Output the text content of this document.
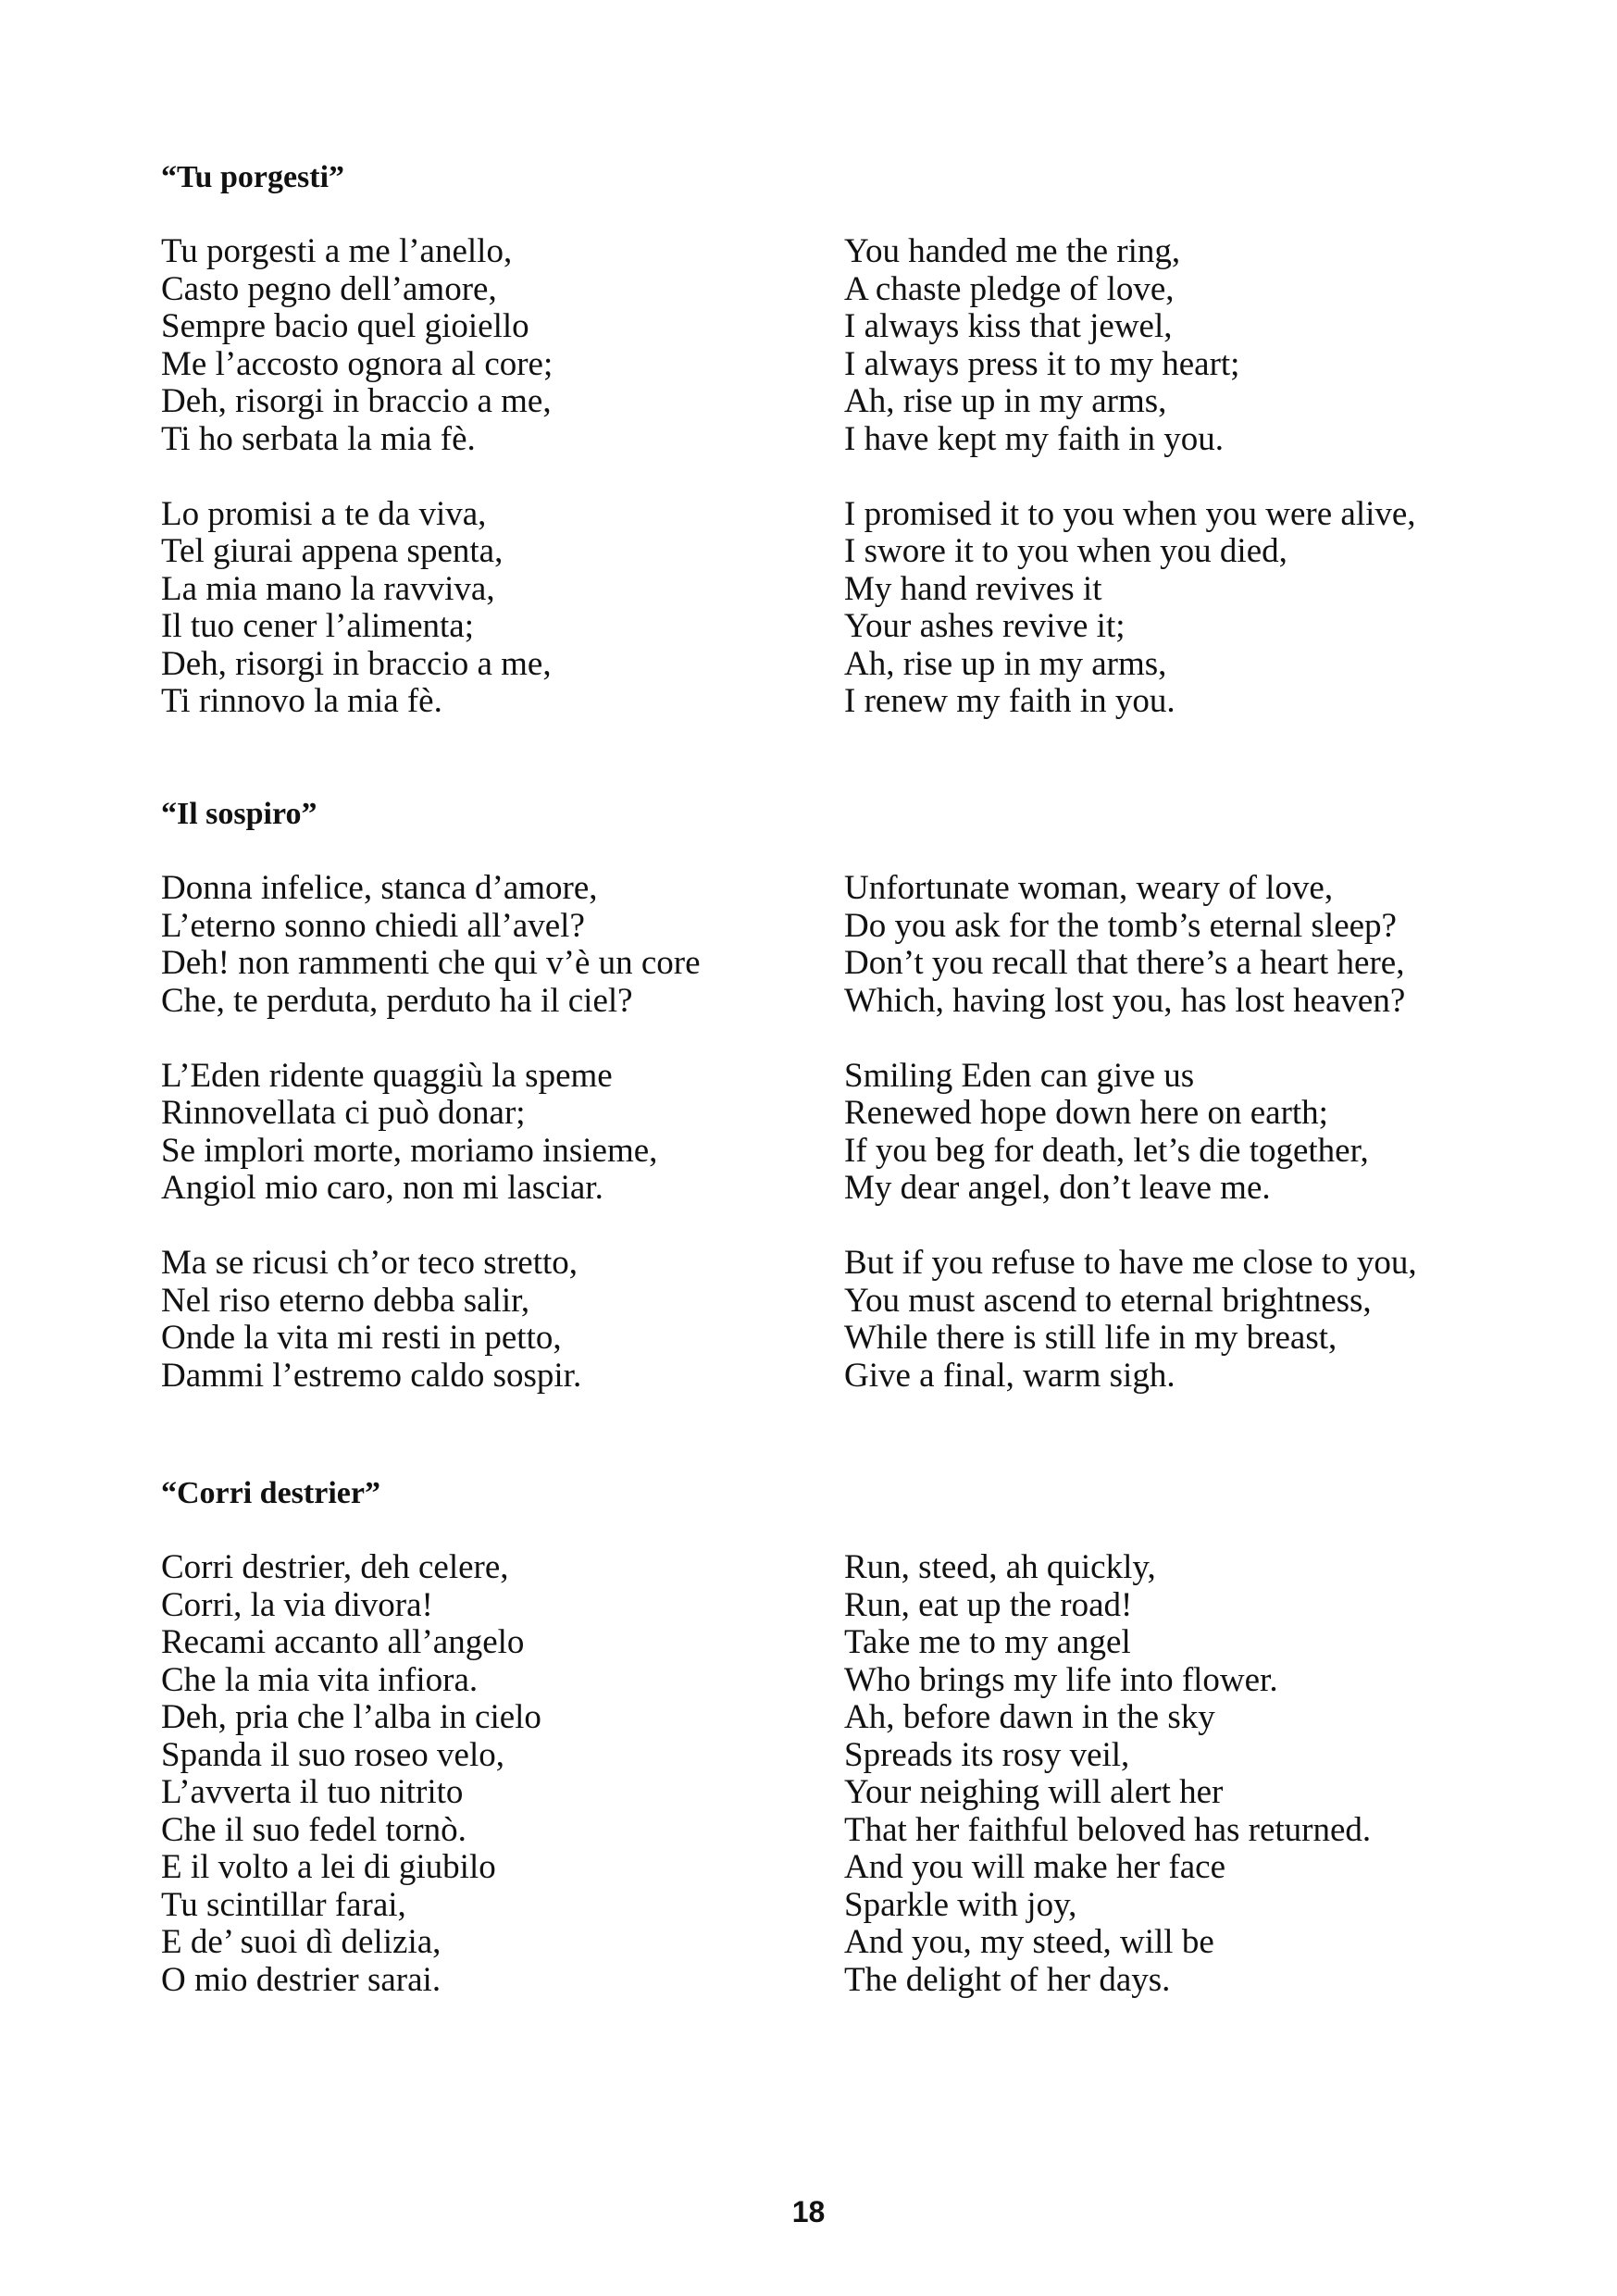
“Tu porgesti”
Tu porgesti a me l’anello,
Casto pegno dell’amore,
Sempre bacio quel gioiello
Me l’accosto ognora al core;
Deh, risorgi in braccio a me,
Ti ho serbata la mia fè.
Lo promisi a te da viva,
Tel giurai appena spenta,
La mia mano la ravviva,
Il tuo cener l’alimenta;
Deh, risorgi in braccio a me,
Ti rinnovo la mia fè.
You handed me the ring,
A chaste pledge of love,
I always kiss that jewel,
I always press it to my heart;
Ah, rise up in my arms,
I have kept my faith in you.
I promised it to you when you were alive,
I swore it to you when you died,
My hand revives it
Your ashes revive it;
Ah, rise up in my arms,
I renew my faith in you.
“Il sospiro”
Donna infelice, stanca d’amore,
L’eterno sonno chiedi all’avel?
Deh! non rammenti che qui v’è un core
Che, te perduta, perduto ha il ciel?
L’Eden ridente quaggiù la speme
Rinnovellata ci può donar;
Se implori morte, moriamo insieme,
Angiol mio caro, non mi lasciar.
Ma se ricusi ch’or teco stretto,
Nel riso eterno debba salir,
Onde la vita mi resti in petto,
Dammi l’estremo caldo sospir.
Unfortunate woman, weary of love,
Do you ask for the tomb’s eternal sleep?
Don’t you recall that there’s a heart here,
Which, having lost you, has lost heaven?
Smiling Eden can give us
Renewed hope down here on earth;
If you beg for death, let’s die together,
My dear angel, don’t leave me.
But if you refuse to have me close to you,
You must ascend to eternal brightness,
While there is still life in my breast,
Give a final, warm sigh.
“Corri destrier”
Corri destrier, deh celere,
Corri, la via divora!
Recami accanto all’angelo
Che la mia vita infiora.
Deh, pria che l’alba in cielo
Spanda il suo roseo velo,
L’avverta il tuo nitrito
Che il suo fedel tornò.
E il volto a lei di giubilo
Tu scintillar farai,
E de’ suoi dì delizia,
O mio destrier sarai.
Run, steed, ah quickly,
Run, eat up the road!
Take me to my angel
Who brings my life into flower.
Ah, before dawn in the sky
Spreads its rosy veil,
Your neighing will alert her
That her faithful beloved has returned.
And you will make her face
Sparkle with joy,
And you, my steed, will be
The delight of her days.
18
